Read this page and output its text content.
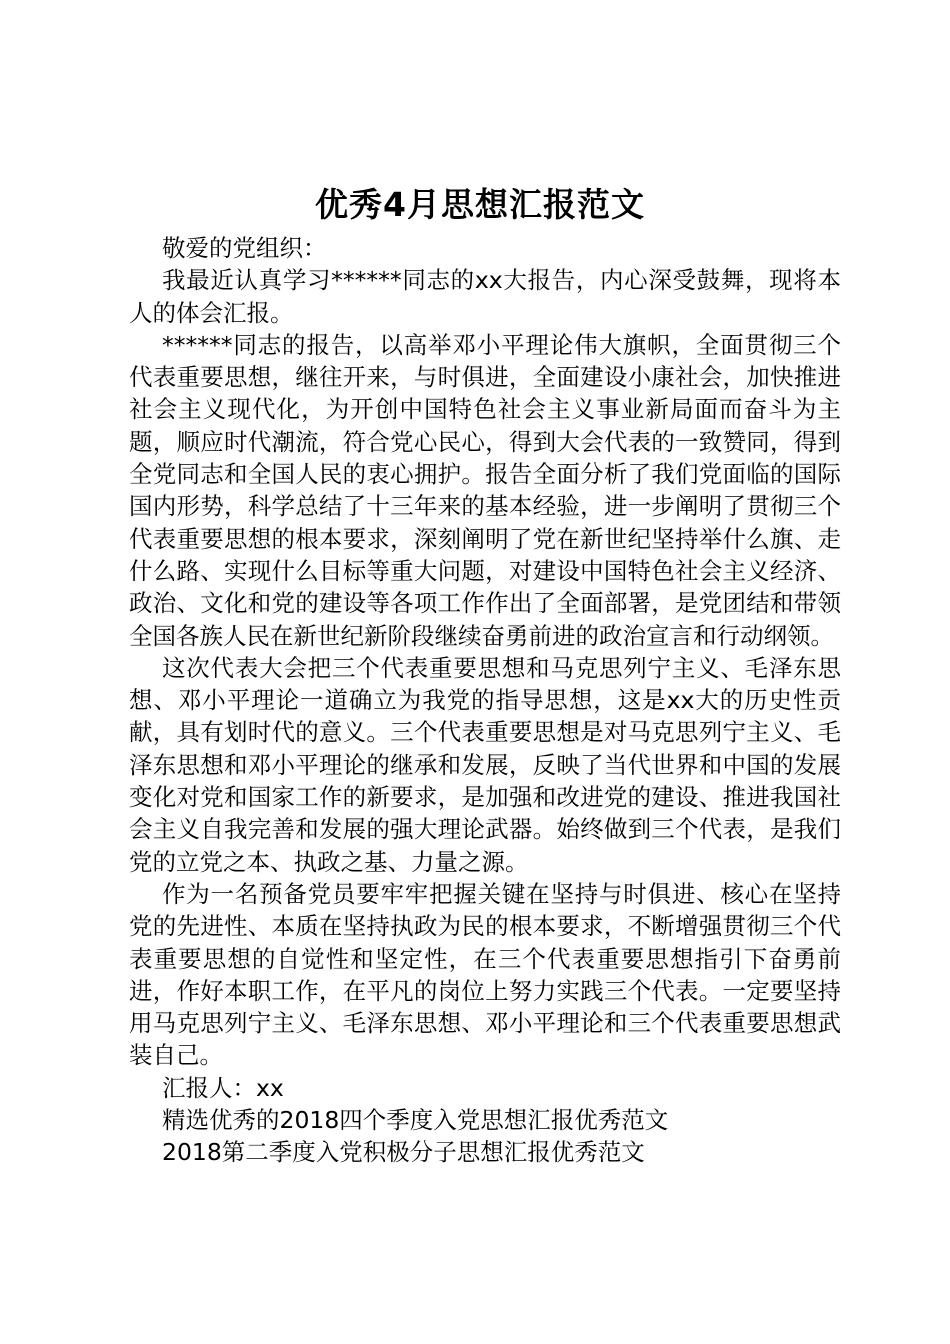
优秀4月思想汇报范文

敬爱的党组织：

我最近认真学习******同志的xx大报告，内心深受鼓舞，现将本人的体会汇报。

******同志的报告，以高举邓小平理论伟大旗帜，全面贯彻三个代表重要思想，继往开来，与时俱进，全面建设小康社会，加快推进社会主义现代化，为开创中国特色社会主义事业新局面而奋斗为主题，顺应时代潮流，符合党心民心，得到大会代表的一致赞同，得到全党同志和全国人民的衷心拥护。报告全面分析了我们党面临的国际国内形势，科学总结了十三年来的基本经验，进一步阐明了贯彻三个代表重要思想的根本要求，深刻阐明了党在新世纪坚持举什么旗、走什么路、实现什么目标等重大问题，对建设中国特色社会主义经济、政治、文化和党的建设等各项工作作出了全面部署，是党团结和带领全国各族人民在新世纪新阶段继续奋勇前进的政治宣言和行动纲领。

这次代表大会把三个代表重要思想和马克思列宁主义、毛泽东思想、邓小平理论一道确立为我党的指导思想，这是xx大的历史性贡献，具有划时代的意义。三个代表重要思想是对马克思列宁主义、毛泽东思想和邓小平理论的继承和发展，反映了当代世界和中国的发展变化对党和国家工作的新要求，是加强和改进党的建设、推进我国社会主义自我完善和发展的强大理论武器。始终做到三个代表，是我们党的立党之本、执政之基、力量之源。

作为一名预备党员要牢牢把握关键在坚持与时俱进、核心在坚持党的先进性、本质在坚持执政为民的根本要求，不断增强贯彻三个代表重要思想的自觉性和坚定性，在三个代表重要思想指引下奋勇前进，作好本职工作，在平凡的岗位上努力实践三个代表。一定要坚持用马克思列宁主义、毛泽东思想、邓小平理论和三个代表重要思想武装自己。

汇报人：xx

精选优秀的2018四个季度入党思想汇报优秀范文

2018第二季度入党积极分子思想汇报优秀范文
